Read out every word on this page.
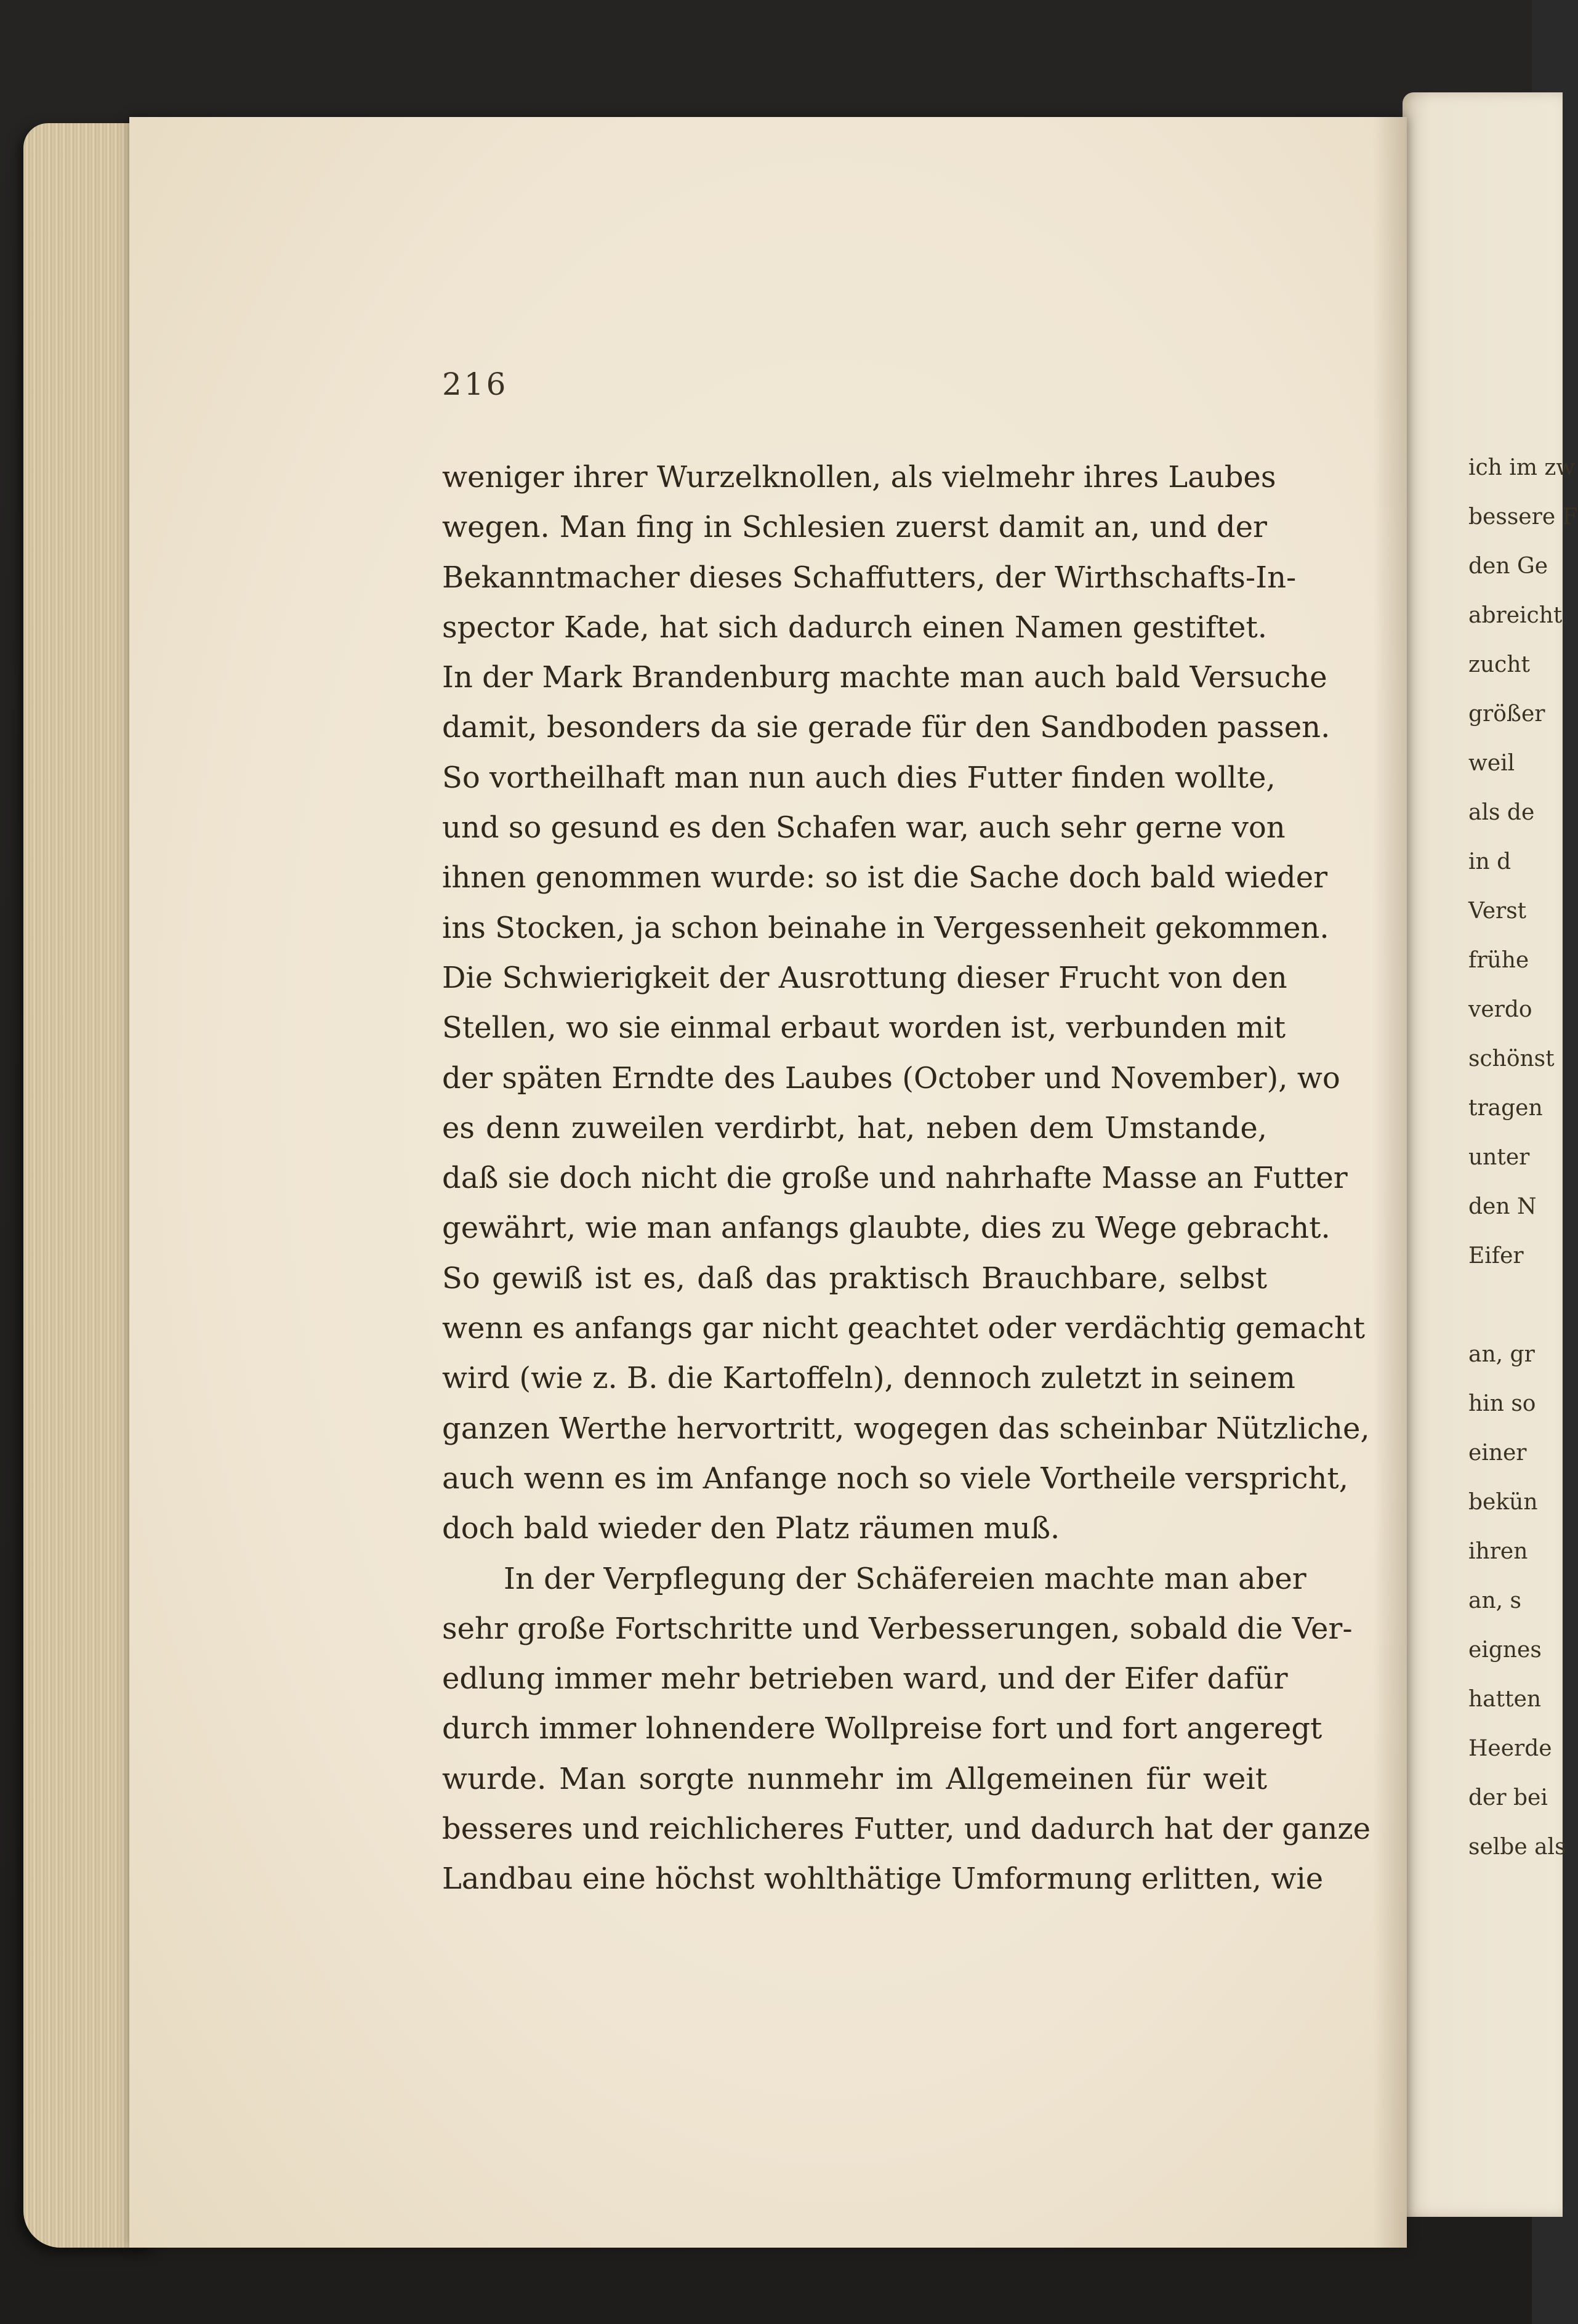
ich im zw
bessere F
den Ge
abreicht
zucht
größer
weil
als de
in d
Verst
frühe
verdo
schönst
tragen
unter
den N
Eifer
an, gr
hin so
einer
bekün
ihren
an, s
eignes
hatten
Heerde
der bei
selbe als
216
weniger ihrer Wurzelknollen, als vielmehr ihres Laubes
wegen. Man fing in Schlesien zuerst damit an, und der
Bekanntmacher dieses Schaffutters, der Wirthschafts-In-
spector Kade, hat sich dadurch einen Namen gestiftet.
In der Mark Brandenburg machte man auch bald Versuche
damit, besonders da sie gerade für den Sandboden passen.
So vortheilhaft man nun auch dies Futter finden wollte,
und so gesund es den Schafen war, auch sehr gerne von
ihnen genommen wurde: so ist die Sache doch bald wieder
ins Stocken, ja schon beinahe in Vergessenheit gekommen.
Die Schwierigkeit der Ausrottung dieser Frucht von den
Stellen, wo sie einmal erbaut worden ist, verbunden mit
der späten Erndte des Laubes (October und November), wo
es denn zuweilen verdirbt, hat, neben dem Umstande,
daß sie doch nicht die große und nahrhafte Masse an Futter
gewährt, wie man anfangs glaubte, dies zu Wege gebracht.
So gewiß ist es, daß das praktisch Brauchbare, selbst
wenn es anfangs gar nicht geachtet oder verdächtig gemacht
wird (wie z. B. die Kartoffeln), dennoch zuletzt in seinem
ganzen Werthe hervortritt, wogegen das scheinbar Nützliche,
auch wenn es im Anfange noch so viele Vortheile verspricht,
doch bald wieder den Platz räumen muß.
In der Verpflegung der Schäfereien machte man aber
sehr große Fortschritte und Verbesserungen, sobald die Ver-
edlung immer mehr betrieben ward, und der Eifer dafür
durch immer lohnendere Wollpreise fort und fort angeregt
wurde. Man sorgte nunmehr im Allgemeinen für weit
besseres und reichlicheres Futter, und dadurch hat der ganze
Landbau eine höchst wohlthätige Umformung erlitten, wie
